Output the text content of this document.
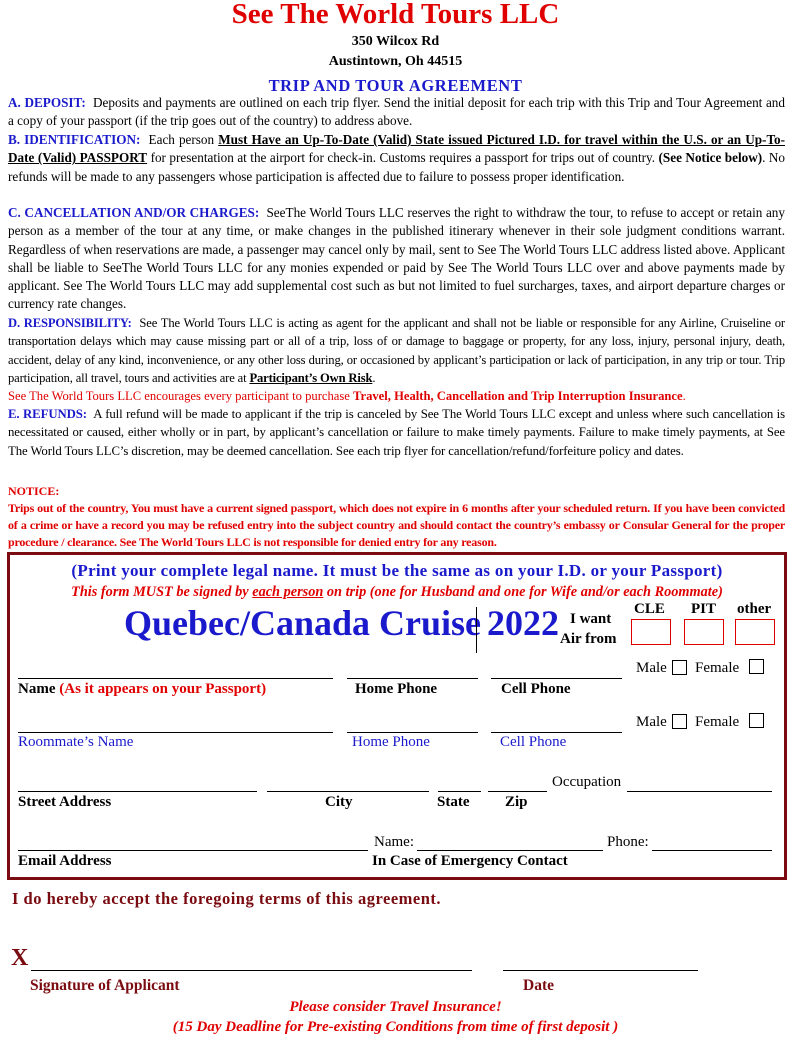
See The World Tours LLC
350 Wilcox Rd
Austintown, Oh 44515
TRIP AND TOUR AGREEMENT
A. DEPOSIT: Deposits and payments are outlined on each trip flyer. Send the initial deposit for each trip with this Trip and Tour Agreement and a copy of your passport (if the trip goes out of the country) to address above.
B. IDENTIFICATION: Each person Must Have an Up-To-Date (Valid) State issued Pictured I.D. for travel within the U.S. or an Up-To-Date (Valid) PASSPORT for presentation at the airport for check-in. Customs requires a passport for trips out of country. (See Notice below). No refunds will be made to any passengers whose participation is affected due to failure to possess proper identification.
C. CANCELLATION AND/OR CHARGES: SeeThe World Tours LLC reserves the right to withdraw the tour, to refuse to accept or retain any person as a member of the tour at any time, or make changes in the published itinerary whenever in their sole judgment conditions warrant. Regardless of when reservations are made, a passenger may cancel only by mail, sent to See The World Tours LLC address listed above. Applicant shall be liable to SeeThe World Tours LLC for any monies expended or paid by See The World Tours LLC over and above payments made by applicant. See The World Tours LLC may add supplemental cost such as but not limited to fuel surcharges, taxes, and airport departure charges or currency rate changes.
D. RESPONSIBILITY: See The World Tours LLC is acting as agent for the applicant and shall not be liable or responsible for any Airline, Cruiseline or transportation delays which may cause missing part or all of a trip, loss of or damage to baggage or property, for any loss, injury, personal injury, death, accident, delay of any kind, inconvenience, or any other loss during, or occasioned by applicant’s participation or lack of participation, in any trip or tour. Trip participation, all travel, tours and activities are at Participant’s Own Risk.
See The World Tours LLC encourages every participant to purchase Travel, Health, Cancellation and Trip Interruption Insurance.
E. REFUNDS: A full refund will be made to applicant if the trip is canceled by See The World Tours LLC except and unless where such cancellation is necessitated or caused, either wholly or in part, by applicant’s cancellation or failure to make timely payments. Failure to make timely payments, at See The World Tours LLC’s discretion, may be deemed cancellation. See each trip flyer for cancellation/refund/forfeiture policy and dates.
NOTICE:
Trips out of the country, You must have a current signed passport, which does not expire in 6 months after your scheduled return. If you have been convicted of a crime or have a record you may be refused entry into the subject country and should contact the country’s embassy or Consular General for the proper procedure / clearance. See The World Tours LLC is not responsible for denied entry for any reason.
(Print your complete legal name. It must be the same as on your I.D. or your Passport)
This form MUST be signed by each person on trip (one for Husband and one for Wife and/or each Roommate)
Quebec/Canada Cruise 2022 I want
Air from
CLE PIT other
Male Female
Name (As it appears on your Passport)	Home Phone	Cell Phone
Male Female
Roommate’s Name	Home Phone	Cell Phone
Occupation
Street Address	City	State Zip
Name:	Phone:
Email Address	In Case of Emergency Contact
I do hereby accept the foregoing terms of this agreement.
X
Signature of Applicant	Date
Please consider Travel Insurance!
(15 Day Deadline for Pre-existing Conditions from time of first deposit )
